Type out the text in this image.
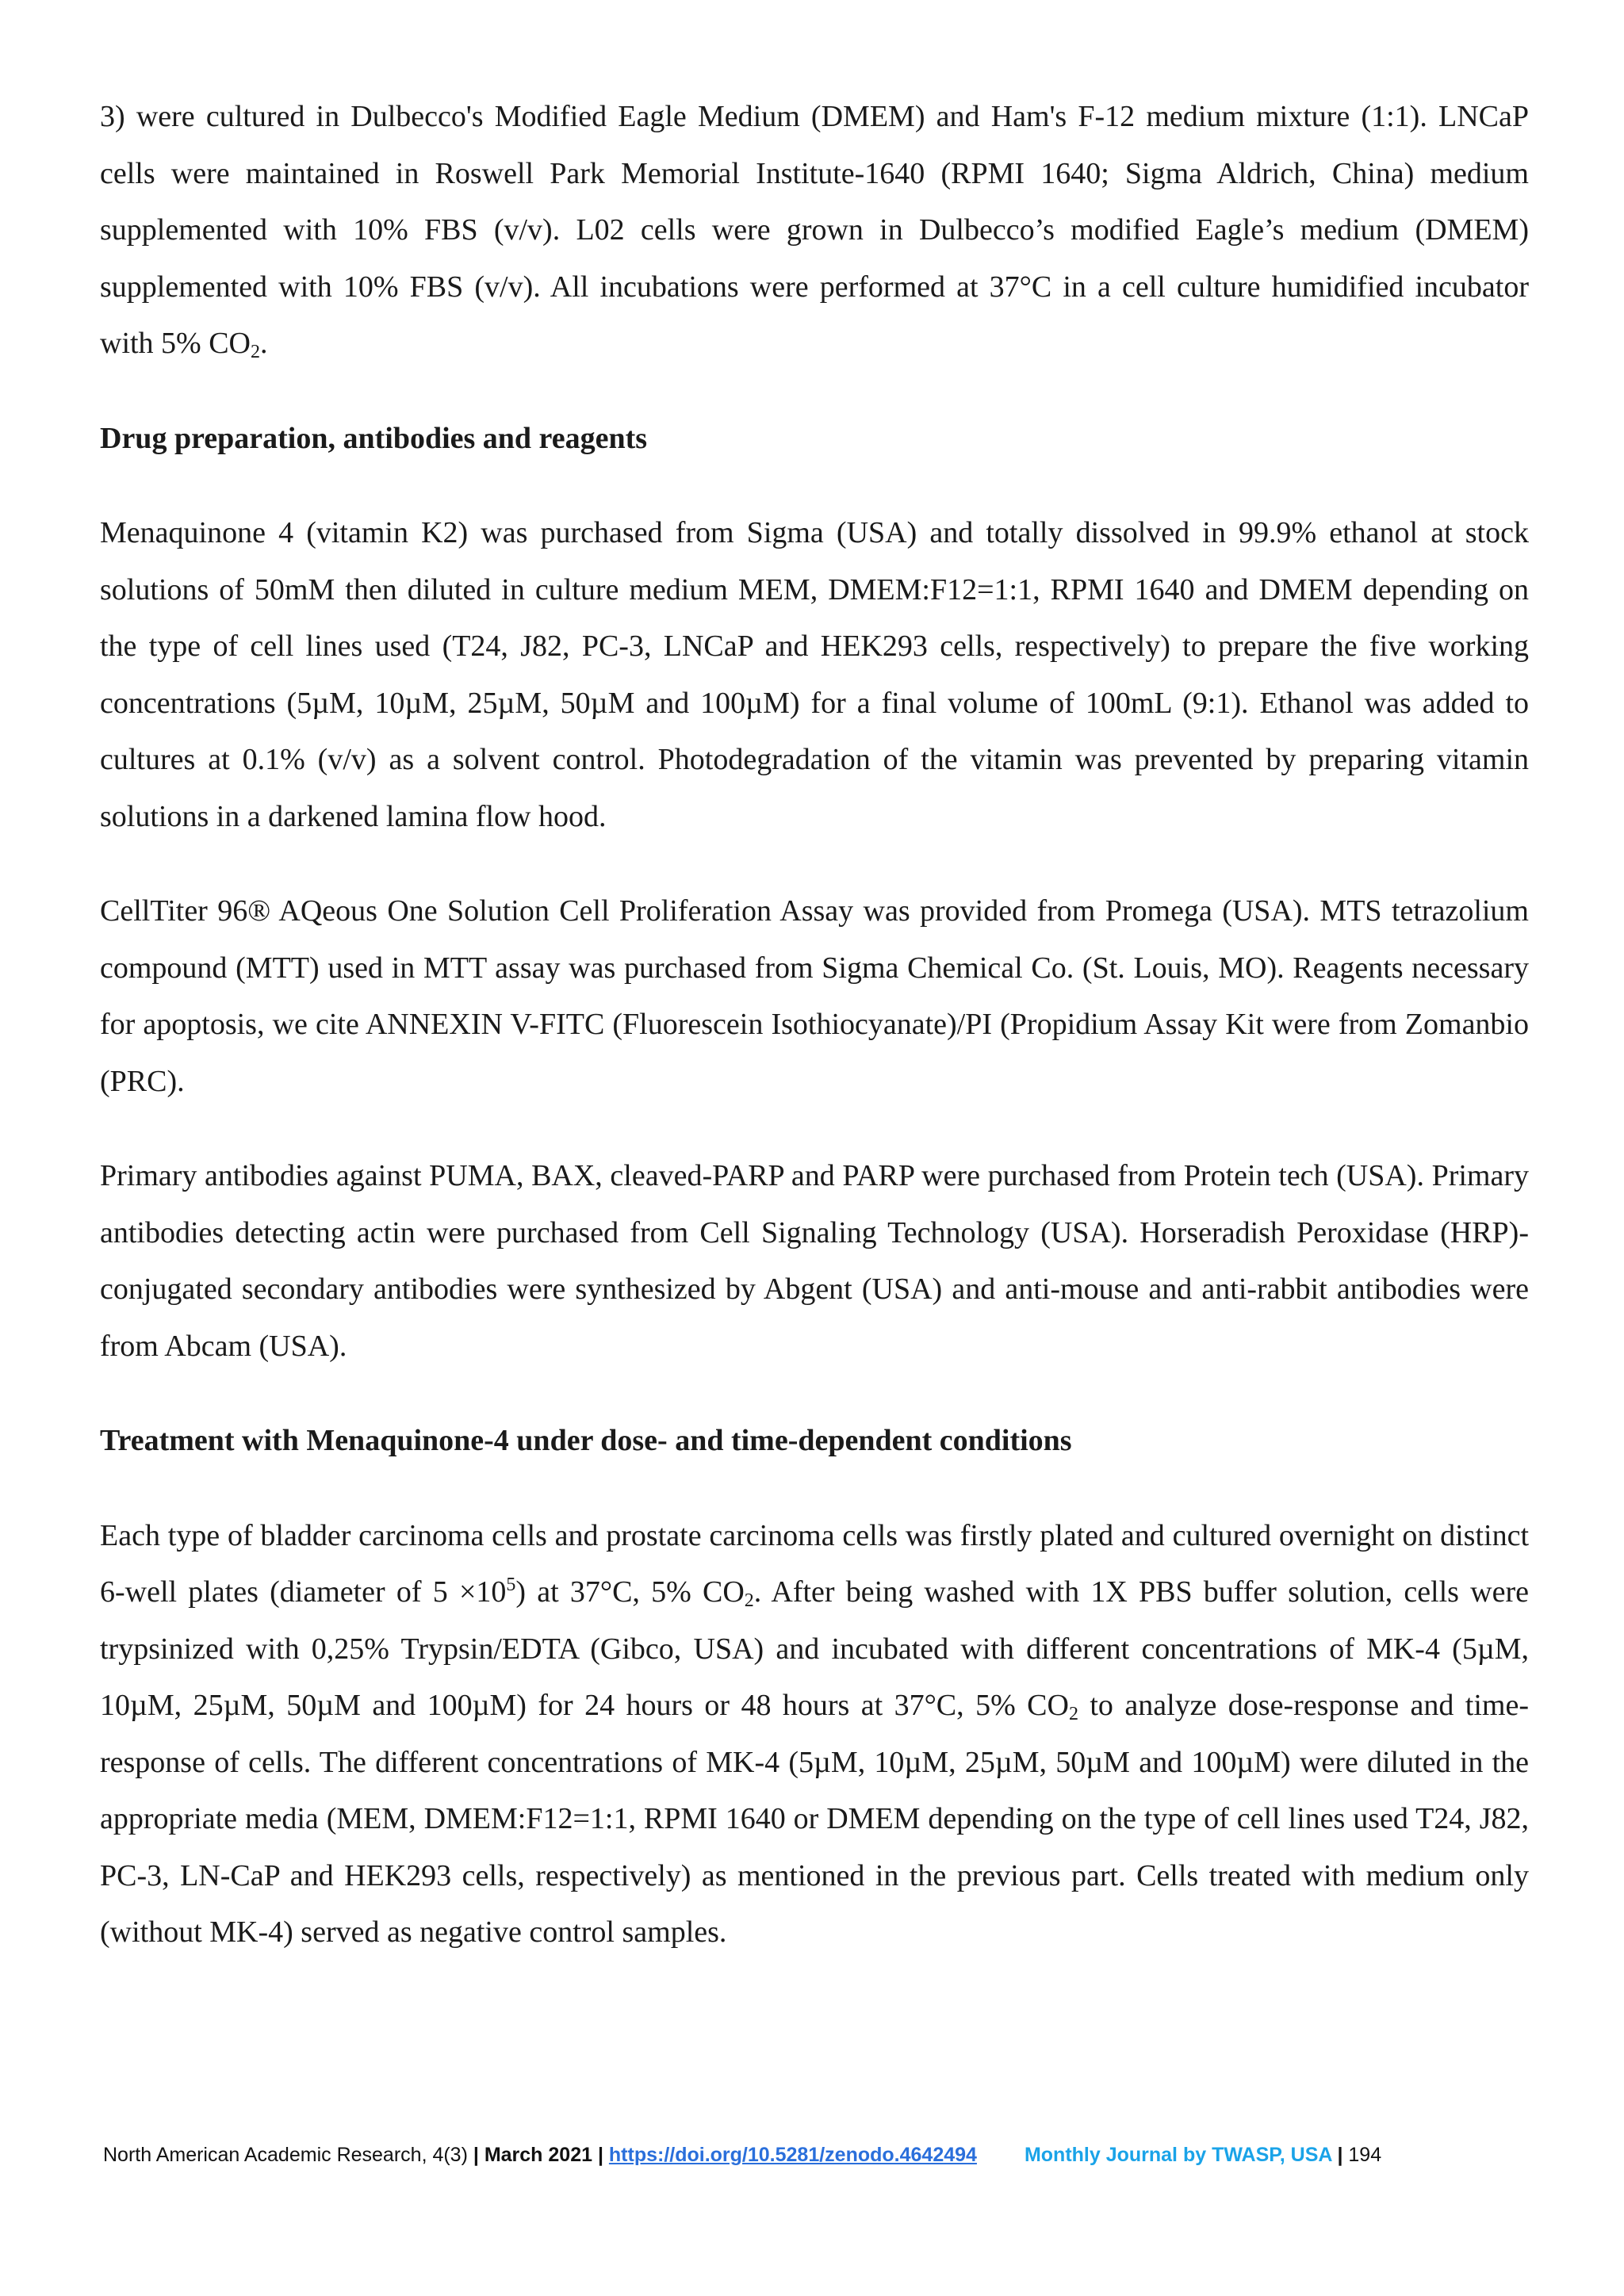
3) were cultured in Dulbecco's Modified Eagle Medium (DMEM) and Ham's F-12 medium mixture (1:1). LNCaP cells were maintained in Roswell Park Memorial Institute-1640 (RPMI 1640; Sigma Aldrich, China) medium supplemented with 10% FBS (v/v). L02 cells were grown in Dulbecco’s modified Eagle’s medium (DMEM) supplemented with 10% FBS (v/v). All incubations were performed at 37°C in a cell culture humidified incubator with 5% $CO_2$.

Drug preparation, antibodies and reagents

Menaquinone 4 (vitamin K2) was purchased from Sigma (USA) and totally dissolved in 99.9% ethanol at stock solutions of 50mM then diluted in culture medium MEM, DMEM:F12=1:1, RPMI 1640 and DMEM depending on the type of cell lines used (T24, J82, PC-3, LNCaP and HEK293 cells, respectively) to prepare the five working concentrations (5µM, 10µM, 25µM, 50µM and 100µM) for a final volume of 100mL (9:1). Ethanol was added to cultures at 0.1% (v/v) as a solvent control. Photodegradation of the vitamin was prevented by preparing vitamin solutions in a darkened lamina flow hood.

CellTiter 96® AQeous One Solution Cell Proliferation Assay was provided from Promega (USA). MTS tetrazolium compound (MTT) used in MTT assay was purchased from Sigma Chemical Co. (St. Louis, MO). Reagents necessary for apoptosis, we cite ANNEXIN V-FITC (Fluorescein Isothiocyanate)/PI (Propidium Assay Kit were from Zomanbio (PRC).

Primary antibodies against PUMA, BAX, cleaved-PARP and PARP were purchased from Protein tech (USA). Primary antibodies detecting actin were purchased from Cell Signaling Technology (USA). Horseradish Peroxidase (HRP)-conjugated secondary antibodies were synthesized by Abgent (USA) and anti-mouse and anti-rabbit antibodies were from Abcam (USA).

Treatment with Menaquinone-4 under dose- and time-dependent conditions

Each type of bladder carcinoma cells and prostate carcinoma cells was firstly plated and cultured overnight on distinct 6-well plates (diameter of $5 \times 10^5$) at 37°C, 5% $CO_2$. After being washed with 1X PBS buffer solution, cells were trypsinized with 0,25% Trypsin/EDTA (Gibco, USA) and incubated with different concentrations of MK-4 (5µM, 10µM, 25µM, 50µM and 100µM) for 24 hours or 48 hours at 37°C, 5% $CO_2$ to analyze dose-response and time-response of cells. The different concentrations of MK-4 (5µM, 10µM, 25µM, 50µM and 100µM) were diluted in the appropriate media (MEM, DMEM:F12=1:1, RPMI 1640 or DMEM depending on the type of cell lines used T24, J82, PC-3, LN-CaP and HEK293 cells, respectively) as mentioned in the previous part. Cells treated with medium only (without MK-4) served as negative control samples.

North American Academic Research, 4(3) | March 2021 | https://doi.org/10.5281/zenodo.4642494 Monthly Journal by TWASP, USA | 194
